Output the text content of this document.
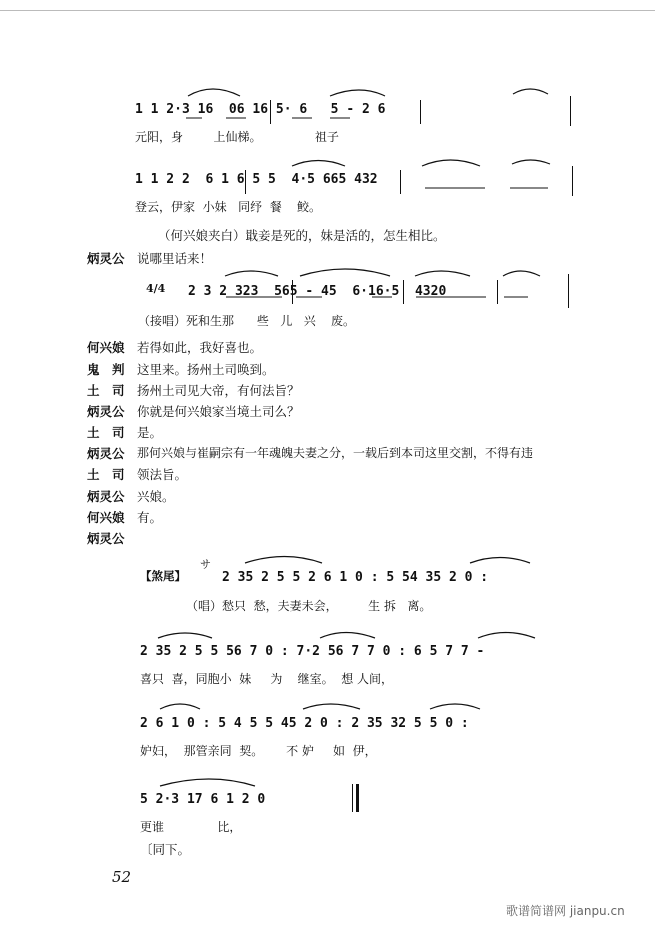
1 1 2·3 16  06 16 5· 6   5 - 2 6
元阳，身        上仙梯。              祖子
1 1 2 2  6 1 6 5 5  4·5 665 432
登云，伊家  小妹   同纾  餐    鲛。
（何兴娘夹白）戢妾是死的，妹是活的，怎生相比。
炳灵公 说哪里话来！
4/4 2 3 2 323  565 - 45  6·16·5  4320
（接唱）死和生那      些   儿   兴    废。
何兴娘 若得如此，我好喜也。
鬼　判 这里来。扬州土司唤到。
土　司 扬州土司见大帝，有何法旨？
炳灵公 你就是何兴娘家当境土司么？
土　司 是。
炳灵公	那何兴娘与崔嗣宗有一年魂魄夫妻之分，一载后到本司这里交割，不得有违
土　司 领法旨。
炳灵公 兴娘。
何兴娘 有。
炳灵公
【煞尾】
サ
2 35 2 5 5 2 6 1 0 : 5 54 35 2 0 :
（唱）愁只  愁，夫妻未会，        生 拆   离。
2 35 2 5 5 56 7 0 : 7·2 56 7 7 0 : 6 5 7 7 -
喜只  喜，同胞小  妹     为    继室。  想 人间，
2 6 1 0 : 5 4 5 5 45 2 0 : 2 35 32 5 5 0 :
妒妇，  那管亲同  契。      不 妒     如  伊，
5 2·3 17 6 1 2 0
更谁              比，
〔同下。
52
歌谱简谱网 jianpu.cn
